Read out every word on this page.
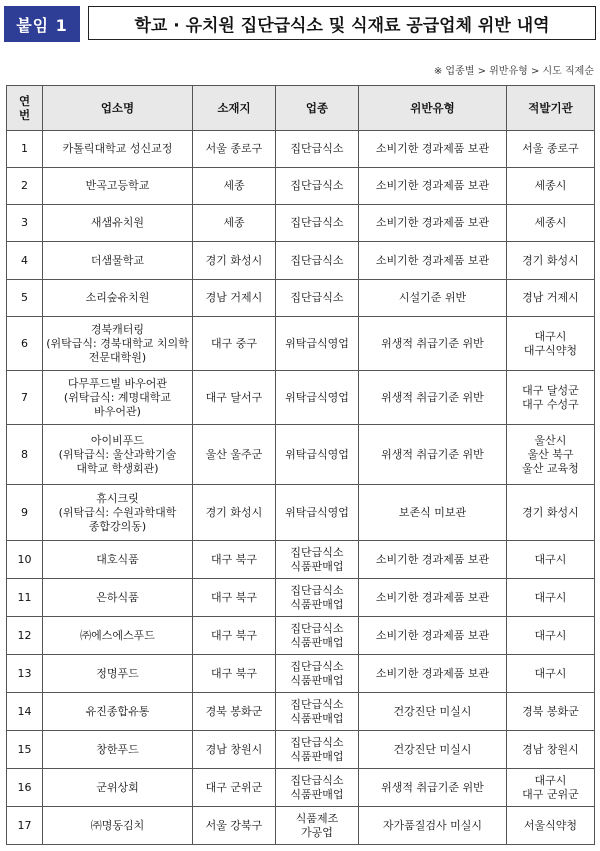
붙임 1	학교 · 유치원 집단급식소 및 식재료 공급업체 위반 내역
※ 업종별 > 위반유형 > 시도 직제순
연
번	업소명	소재지	업종	위반유형	적발기관
1	카톨릭대학교 성신교정	서울 종로구	집단급식소	소비기한 경과제품 보관	서울 종로구
2	반곡고등학교	세종	집단급식소	소비기한 경과제품 보관	세종시
3	새샘유치원	세종	집단급식소	소비기한 경과제품 보관	세종시
4	더샘물학교	경기 화성시	집단급식소	소비기한 경과제품 보관	경기 화성시
5	소리숲유치원	경남 거제시	집단급식소	시설기준 위반	경남 거제시
6	경북캐터링
(위탁급식: 경북대학교 치의학
전문대학원)	대구 중구	위탁급식영업	위생적 취급기준 위반	대구시
대구식약청
7	다무푸드빌 바우어관
(위탁급식: 계명대학교
바우어관)	대구 달서구	위탁급식영업	위생적 취급기준 위반	대구 달성군
대구 수성구
8	아이비푸드
(위탁급식: 울산과학기술
대학교 학생회관)	울산 울주군	위탁급식영업	위생적 취급기준 위반	울산시
울산 북구
울산 교육청
9	휴시크릿
(위탁급식: 수원과학대학
종합강의동)	경기 화성시	위탁급식영업	보존식 미보관	경기 화성시
10	대호식품	대구 북구	집단급식소
식품판매업	소비기한 경과제품 보관	대구시
11	은하식품	대구 북구	집단급식소
식품판매업	소비기한 경과제품 보관	대구시
12	㈜에스에스푸드	대구 북구	집단급식소
식품판매업	소비기한 경과제품 보관	대구시
13	정명푸드	대구 북구	집단급식소
식품판매업	소비기한 경과제품 보관	대구시
14	유진종합유통	경북 봉화군	집단급식소
식품판매업	건강진단 미실시	경북 봉화군
15	창한푸드	경남 창원시	집단급식소
식품판매업	건강진단 미실시	경남 창원시
16	군위상회	대구 군위군	집단급식소
식품판매업	위생적 취급기준 위반	대구시
대구 군위군
17	㈜명동김치	서울 강북구	식품제조
가공업	자가품질검사 미실시	서울식약청
